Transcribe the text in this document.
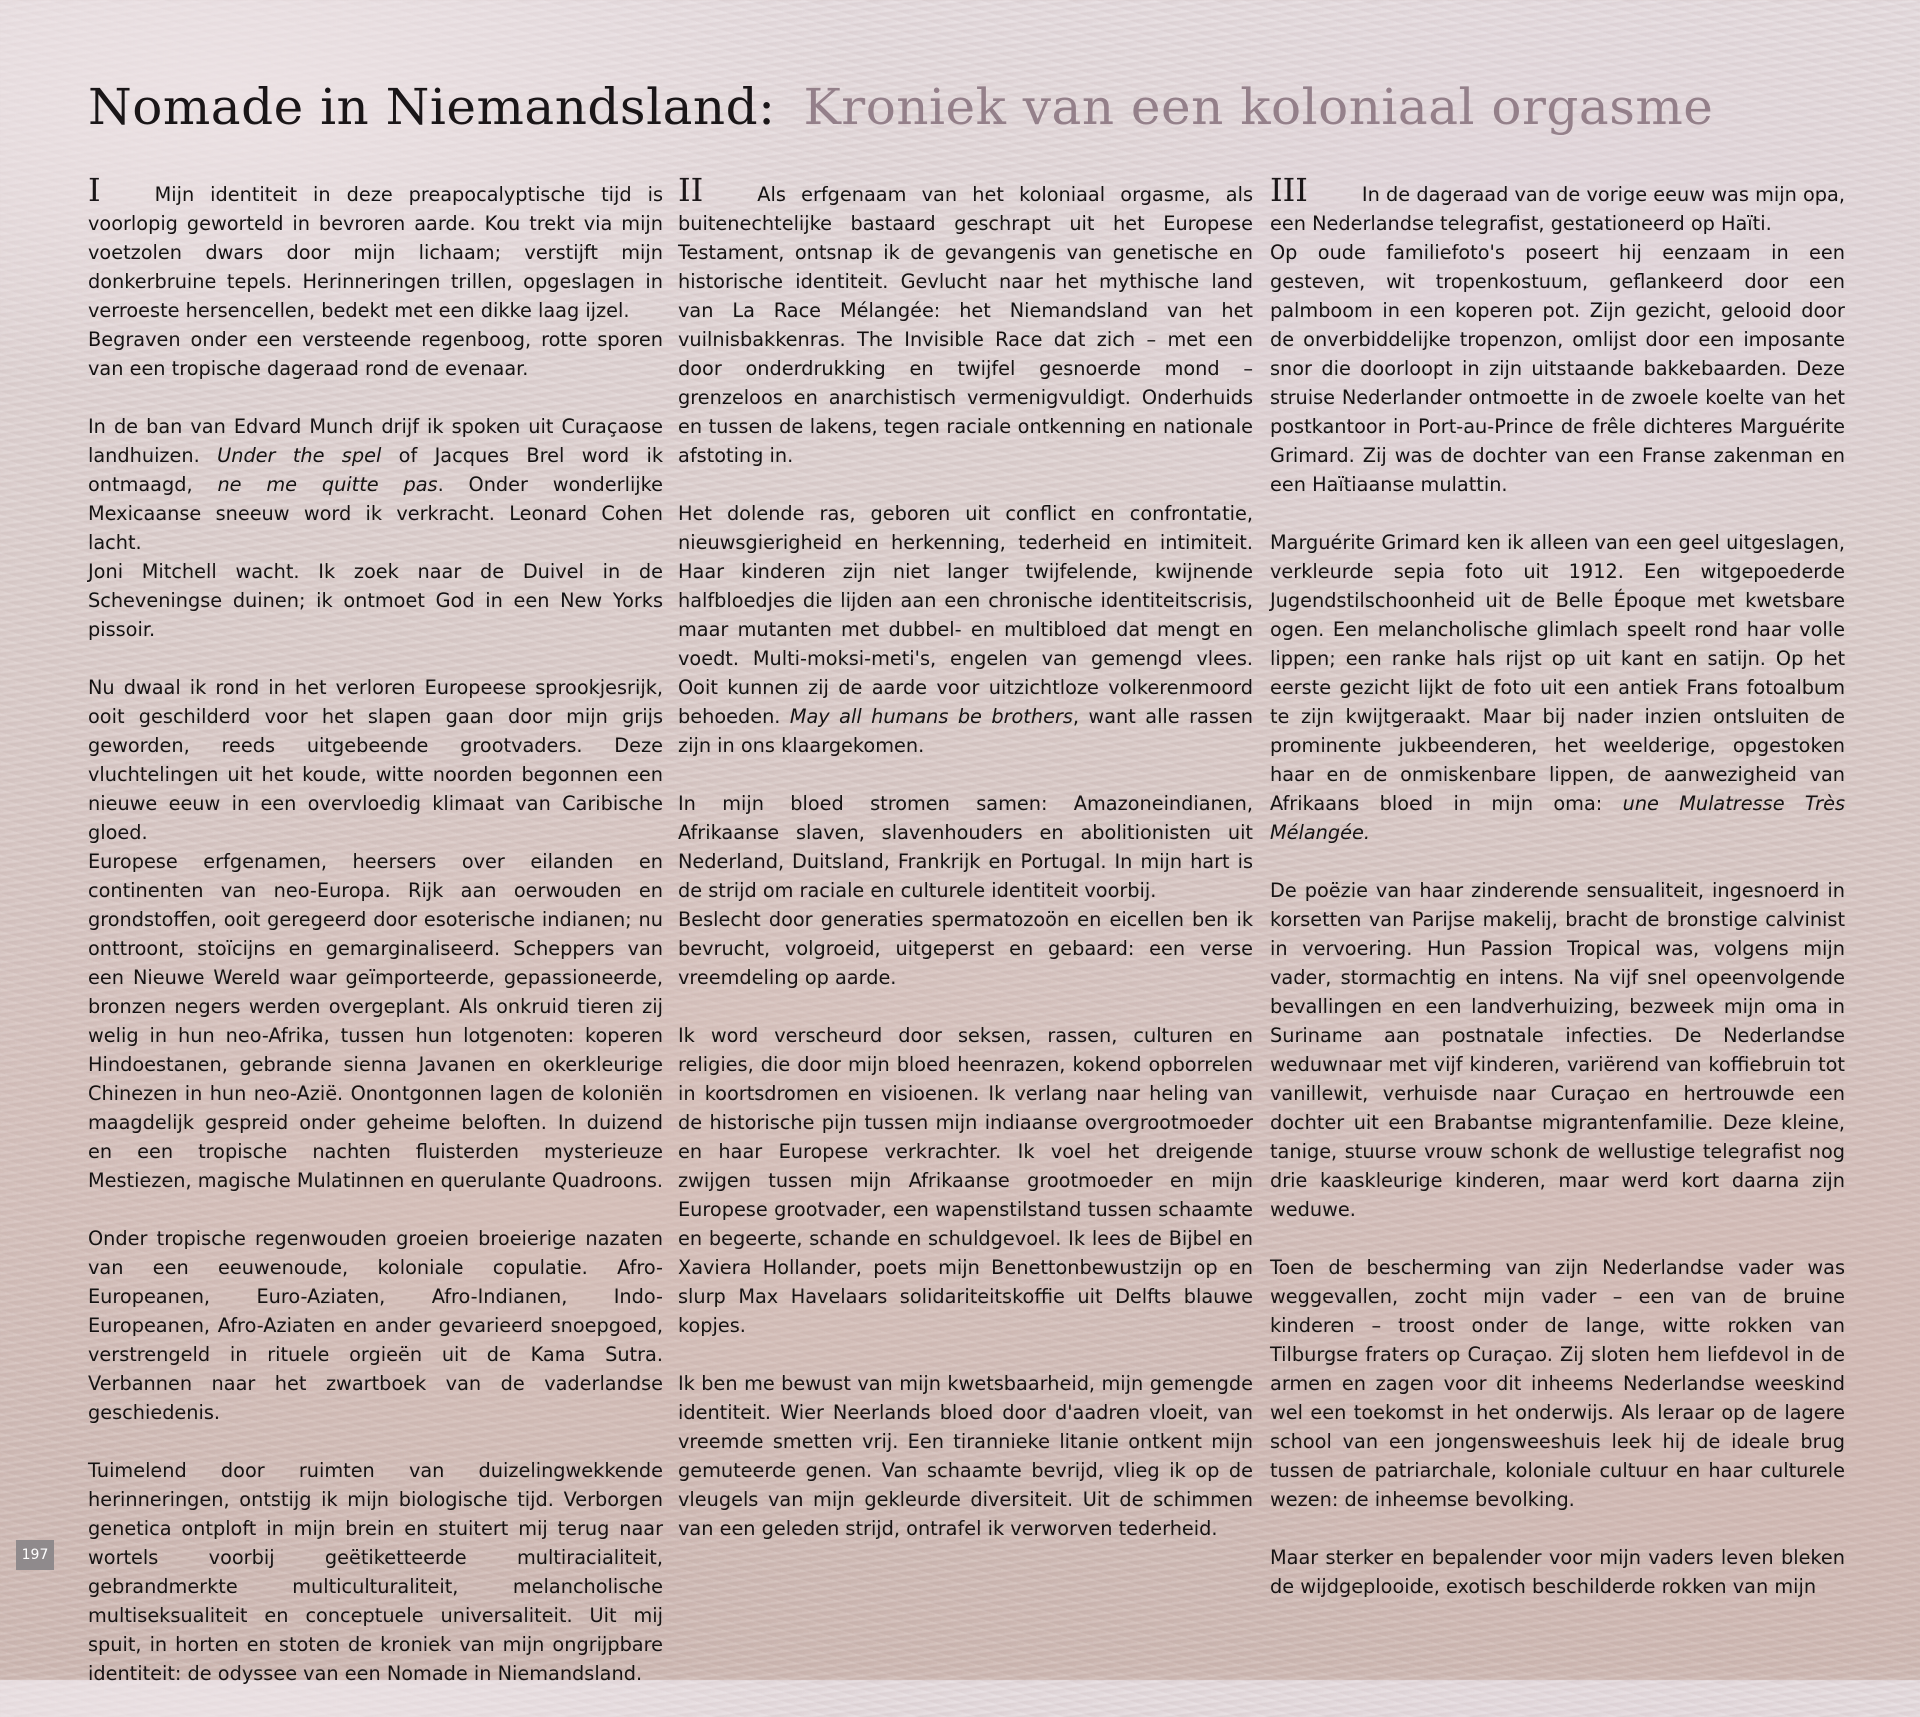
Nomade in Niemandsland: Kroniek van een koloniaal orgasme

I	Mijn identiteit in deze preapocalyptische tijd is voorlopig geworteld in bevroren aarde. Kou trekt via mijn voetzolen dwars door mijn lichaam; verstijft mijn donkerbruine tepels. Herinneringen trillen, opgeslagen in verroeste hersencellen, bedekt met een dikke laag ijzel.

Begraven onder een versteende regenboog, rotte sporen van een tropische dageraad rond de evenaar.

In de ban van Edvard Munch drijf ik spoken uit Curaçaose landhuizen. Under the spel of Jacques Brel word ik ontmaagd, ne me quitte pas. Onder wonderlijke Mexicaanse sneeuw word ik verkracht. Leonard Cohen lacht.

Joni Mitchell wacht. Ik zoek naar de Duivel in de Scheveningse duinen; ik ontmoet God in een New Yorks pissoir.

Nu dwaal ik rond in het verloren Europeese sprookjesrijk, ooit geschilderd voor het slapen gaan door mijn grijs geworden, reeds uitgebeende grootvaders. Deze vluchtelingen uit het koude, witte noorden begonnen een nieuwe eeuw in een overvloedig klimaat van Caribische gloed.

Europese erfgenamen, heersers over eilanden en continenten van neo-Europa. Rijk aan oerwouden en grondstoffen, ooit geregeerd door esoterische indianen; nu onttroont, stoïcijns en gemarginaliseerd. Scheppers van een Nieuwe Wereld waar geïmporteerde, gepassioneerde, bronzen negers werden overgeplant. Als onkruid tieren zij welig in hun neo-Afrika, tussen hun lotgenoten: koperen Hindoestanen, gebrande sienna Javanen en okerkleurige Chinezen in hun neo-Azië. Onontgonnen lagen de koloniën maagdelijk gespreid onder geheime beloften. In duizend en een tropische nachten fluisterden mysterieuze Mestiezen, magische Mulatinnen en querulante Quadroons.

Onder tropische regenwouden groeien broeierige nazaten van een eeuwenoude, koloniale copulatie. Afro-Europeanen, Euro-Aziaten, Afro-Indianen, Indo-Europeanen, Afro-Aziaten en ander gevarieerd snoepgoed, verstrengeld in rituele orgieën uit de Kama Sutra. Verbannen naar het zwartboek van de vaderlandse geschiedenis.

Tuimelend door ruimten van duizelingwekkende herinneringen, ontstijg ik mijn biologische tijd. Verborgen genetica ontploft in mijn brein en stuitert mij terug naar wortels voorbij geëtiketteerde multiracialiteit, gebrandmerkte multiculturaliteit, melancholische multiseksualiteit en conceptuele universaliteit. Uit mij spuit, in horten en stoten de kroniek van mijn ongrijpbare identiteit: de odyssee van een Nomade in Niemandsland.

II	Als erfgenaam van het koloniaal orgasme, als buitenechtelijke bastaard geschrapt uit het Europese Testament, ontsnap ik de gevangenis van genetische en historische identiteit. Gevlucht naar het mythische land van La Race Mélangée: het Niemandsland van het vuilnisbakkenras. The Invisible Race dat zich – met een door onderdrukking en twijfel gesnoerde mond – grenzeloos en anarchistisch vermenigvuldigt. Onderhuids en tussen de lakens, tegen raciale ontkenning en nationale afstoting in.

Het dolende ras, geboren uit conflict en confrontatie, nieuwsgierigheid en herkenning, tederheid en intimiteit. Haar kinderen zijn niet langer twijfelende, kwijnende halfbloedjes die lijden aan een chronische identiteitscrisis, maar mutanten met dubbel- en multibloed dat mengt en voedt. Multi-moksi-meti's, engelen van gemengd vlees. Ooit kunnen zij de aarde voor uitzichtloze volkerenmoord behoeden. May all humans be brothers, want alle rassen zijn in ons klaargekomen.

In mijn bloed stromen samen: Amazoneindianen, Afrikaanse slaven, slavenhouders en abolitionisten uit Nederland, Duitsland, Frankrijk en Portugal. In mijn hart is de strijd om raciale en culturele identiteit voorbij.

Beslecht door generaties spermatozoön en eicellen ben ik bevrucht, volgroeid, uitgeperst en gebaard: een verse vreemdeling op aarde.

Ik word verscheurd door seksen, rassen, culturen en religies, die door mijn bloed heenrazen, kokend opborrelen in koortsdromen en visioenen. Ik verlang naar heling van de historische pijn tussen mijn indiaanse overgrootmoeder en haar Europese verkrachter. Ik voel het dreigende zwijgen tussen mijn Afrikaanse grootmoeder en mijn Europese grootvader, een wapenstilstand tussen schaamte en begeerte, schande en schuldgevoel. Ik lees de Bijbel en Xaviera Hollander, poets mijn Benettonbewustzijn op en slurp Max Havelaars solidariteitskoffie uit Delfts blauwe kopjes.

Ik ben me bewust van mijn kwetsbaarheid, mijn gemengde identiteit. Wier Neerlands bloed door d'aadren vloeit, van vreemde smetten vrij. Een tirannieke litanie ontkent mijn gemuteerde genen. Van schaamte bevrijd, vlieg ik op de vleugels van mijn gekleurde diversiteit. Uit de schimmen van een geleden strijd, ontrafel ik verworven tederheid.

III	In de dageraad van de vorige eeuw was mijn opa, een Nederlandse telegrafist, gestationeerd op Haïti.

Op oude familiefoto's poseert hij eenzaam in een gesteven, wit tropenkostuum, geflankeerd door een palmboom in een koperen pot. Zijn gezicht, gelooid door de onverbiddelijke tropenzon, omlijst door een imposante snor die doorloopt in zijn uitstaande bakkebaarden. Deze struise Nederlander ontmoette in de zwoele koelte van het postkantoor in Port-au-Prince de frêle dichteres Marguérite Grimard. Zij was de dochter van een Franse zakenman en een Haïtiaanse mulattin.

Marguérite Grimard ken ik alleen van een geel uitgeslagen, verkleurde sepia foto uit 1912. Een witgepoederde Jugendstilschoonheid uit de Belle Époque met kwetsbare ogen. Een melancholische glimlach speelt rond haar volle lippen; een ranke hals rijst op uit kant en satijn. Op het eerste gezicht lijkt de foto uit een antiek Frans fotoalbum te zijn kwijtgeraakt. Maar bij nader inzien ontsluiten de prominente jukbeenderen, het weelderige, opgestoken haar en de onmiskenbare lippen, de aanwezigheid van Afrikaans bloed in mijn oma: une Mulatresse Très Mélangée.

De poëzie van haar zinderende sensualiteit, ingesnoerd in korsetten van Parijse makelij, bracht de bronstige calvinist in vervoering. Hun Passion Tropical was, volgens mijn vader, stormachtig en intens. Na vijf snel opeenvolgende bevallingen en een landverhuizing, bezweek mijn oma in Suriname aan postnatale infecties. De Nederlandse weduwnaar met vijf kinderen, variërend van koffiebruin tot vanillewit, verhuisde naar Curaçao en hertrouwde een dochter uit een Brabantse migrantenfamilie. Deze kleine, tanige, stuurse vrouw schonk de wellustige telegrafist nog drie kaaskleurige kinderen, maar werd kort daarna zijn weduwe.

Toen de bescherming van zijn Nederlandse vader was weggevallen, zocht mijn vader – een van de bruine kinderen – troost onder de lange, witte rokken van Tilburgse fraters op Curaçao. Zij sloten hem liefdevol in de armen en zagen voor dit inheems Nederlandse weeskind wel een toekomst in het onderwijs. Als leraar op de lagere school van een jongensweeshuis leek hij de ideale brug tussen de patriarchale, koloniale cultuur en haar culturele wezen: de inheemse bevolking.

Maar sterker en bepalender voor mijn vaders leven bleken de wijdgeplooide, exotisch beschilderde rokken van mijn

197
